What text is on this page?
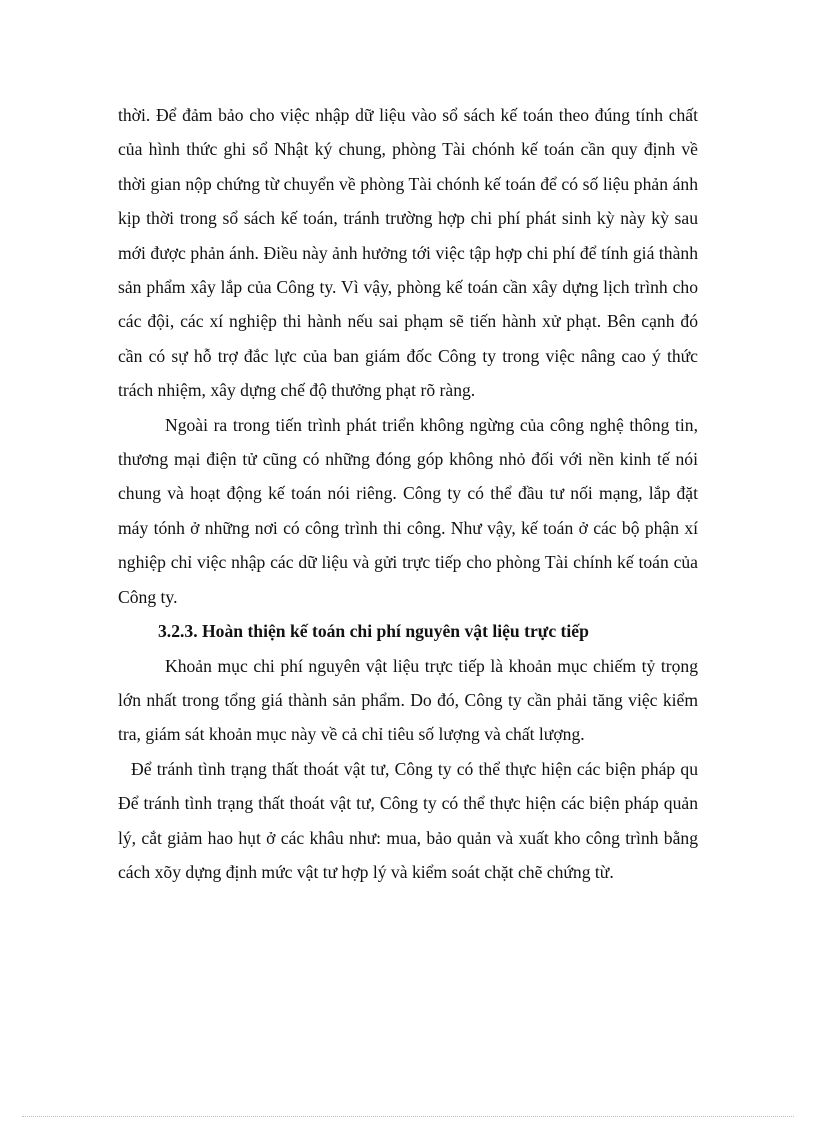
thời. Để đảm bảo cho việc nhập dữ liệu vào sổ sách kế toán theo đúng tính chất của hình thức ghi sổ Nhật ký chung, phòng Tài chónh kế toán cần quy định về thời gian nộp chứng từ chuyển về phòng Tài chónh kế toán để có số liệu phản ánh kịp thời trong sổ sách kế toán, tránh trường hợp chi phí phát sinh kỳ này kỳ sau mới được phản ánh. Điều này ảnh hưởng tới việc tập hợp chi phí để tính giá thành sản phẩm xây lắp của Công ty. Vì vậy, phòng kế toán cần xây dựng lịch trình cho các đội, các xí nghiệp thi hành nếu sai phạm sẽ tiến hành xử phạt. Bên cạnh đó cần có sự hỗ trợ đắc lực của ban giám đốc Công ty trong việc nâng cao ý thức trách nhiệm, xây dựng chế độ thưởng phạt rõ ràng.

Ngoài ra trong tiến trình phát triển không ngừng của công nghệ thông tin, thương mại điện tử cũng có những đóng góp không nhỏ đối với nền kinh tế nói chung và hoạt động kế toán nói riêng. Công ty có thể đầu tư nối mạng, lắp đặt máy tónh ở những nơi có công trình thi công. Như vậy, kế toán ở các bộ phận xí nghiệp chỉ việc nhập các dữ liệu và gửi trực tiếp cho phòng Tài chính kế toán của Công ty.

3.2.3. Hoàn thiện kế toán chi phí nguyên vật liệu trực tiếp

Khoản mục chi phí nguyên vật liệu trực tiếp là khoản mục chiếm tỷ trọng lớn nhất trong tổng giá thành sản phẩm. Do đó, Công ty cần phải tăng việc kiểm tra, giám sát khoản mục này về cả chỉ tiêu số lượng và chất lượng.

Để tránh tình trạng thất thoát vật tư, Công ty có thể thực hiện các biện pháp qu        Để tránh tình trạng thất thoát vật tư, Công ty có thể thực hiện các biện pháp quản lý, cắt giảm hao hụt ở các khâu như: mua, bảo quản và xuất kho công trình bằng cách xõy dựng định mức vật tư hợp lý và kiểm soát chặt chẽ chứng từ.
